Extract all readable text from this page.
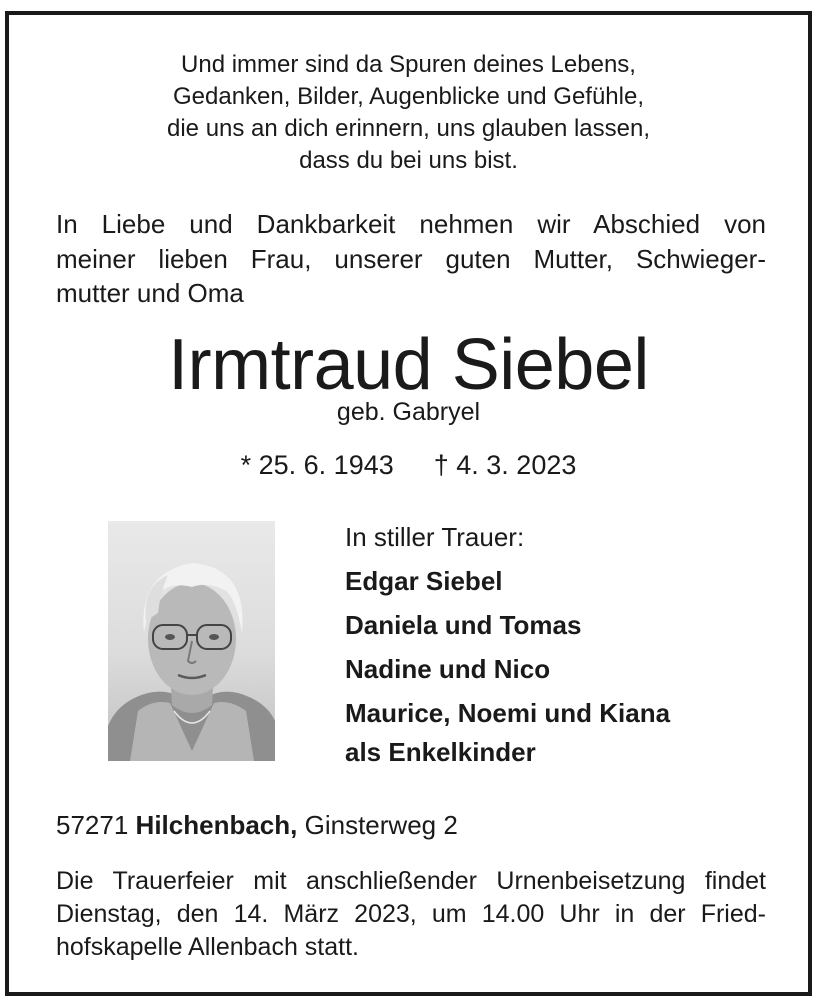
Und immer sind da Spuren deines Lebens,
Gedanken, Bilder, Augenblicke und Gefühle,
die uns an dich erinnern, uns glauben lassen,
dass du bei uns bist.
In Liebe und Dankbarkeit nehmen wir Abschied von
meiner lieben Frau, unserer guten Mutter, Schwieger-
mutter und Oma
Irmtraud Siebel
geb. Gabryel
* 25. 6. 1943 † 4. 3. 2023
In stiller Trauer:
Edgar Siebel
Daniela und Tomas
Nadine und Nico
Maurice, Noemi und Kiana
als Enkelkinder
57271 Hilchenbach, Ginsterweg 2
Die Trauerfeier mit anschließender Urnenbeisetzung findet
Dienstag, den 14. März 2023, um 14.00 Uhr in der Fried-
hofskapelle Allenbach statt.
